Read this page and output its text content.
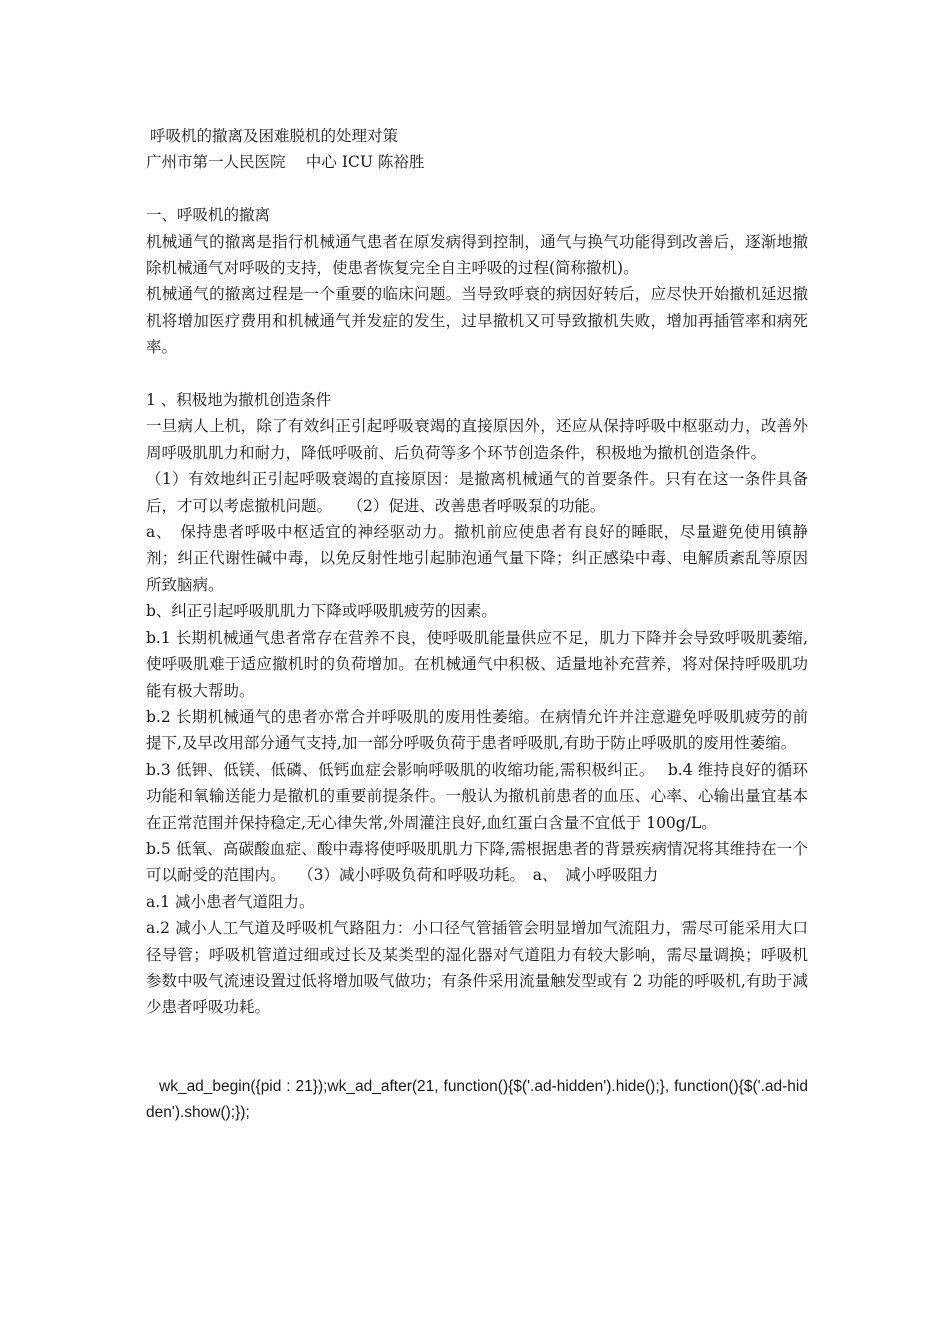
呼吸机的撤离及困难脱机的处理对策

广州市第一人民医院　 中心 ICU 陈裕胜

一、呼吸机的撤离

机械通气的撤离是指行机械通气患者在原发病得到控制，通气与换气功能得到改善后，逐渐地撤除机械通气对呼吸的支持，使患者恢复完全自主呼吸的过程(简称撤机)。

机械通气的撤离过程是一个重要的临床问题。当导致呼衰的病因好转后，应尽快开始撤机延迟撤机将增加医疗费用和机械通气并发症的发生，过早撤机又可导致撤机失败，增加再插管率和病死率。

1 、积极地为撤机创造条件

一旦病人上机，除了有效纠正引起呼吸衰竭的直接原因外，还应从保持呼吸中枢驱动力，改善外周呼吸肌肌力和耐力，降低呼吸前、后负荷等多个环节创造条件，积极地为撤机创造条件。

（1）有效地纠正引起呼吸衰竭的直接原因：是撤离机械通气的首要条件。只有在这一条件具备后，才可以考虑撤机问题。　　（2）促进、改善患者呼吸泵的功能。

a、　保持患者呼吸中枢适宜的神经驱动力。撤机前应使患者有良好的睡眠，尽量避免使用镇静剂；纠正代谢性碱中毒，以免反射性地引起肺泡通气量下降；纠正感染中毒、电解质紊乱等原因所致脑病。

b、纠正引起呼吸肌肌力下降或呼吸肌疲劳的因素。

b.1 长期机械通气患者常存在营养不良，使呼吸肌能量供应不足，肌力下降并会导致呼吸肌萎缩,使呼吸肌难于适应撤机时的负荷增加。在机械通气中积极、适量地补充营养，将对保持呼吸肌功能有极大帮助。

b.2 长期机械通气的患者亦常合并呼吸肌的废用性萎缩。在病情允许并注意避免呼吸肌疲劳的前提下,及早改用部分通气支持,加一部分呼吸负荷于患者呼吸肌,有助于防止呼吸肌的废用性萎缩。

b.3 低钾、低镁、低磷、低钙血症会影响呼吸肌的收缩功能,需积极纠正。　 b.4 维持良好的循环功能和氧输送能力是撤机的重要前提条件。一般认为撤机前患者的血压、心率、心输出量宜基本在正常范围并保持稳定,无心律失常,外周灌注良好,血红蛋白含量不宜低于 100g/L。

b.5 低氧、高碳酸血症、酸中毒将使呼吸肌肌力下降,需根据患者的背景疾病情况将其维持在一个可以耐受的范围内。　 （3）减小呼吸负荷和呼吸功耗。　a、　减小呼吸阻力

a.1 减小患者气道阻力。

a.2 减小人工气道及呼吸机气路阻力：小口径气管插管会明显增加气流阻力，需尽可能采用大口径导管；呼吸机管道过细或过长及某类型的湿化器对气道阻力有较大影响，需尽量调换；呼吸机参数中吸气流速设置过低将增加吸气做功；有条件采用流量触发型或有 2 功能的呼吸机,有助于减少患者呼吸功耗。

wk_ad_begin({pid : 21});wk_ad_after(21, function(){$('.ad-hidden').hide();}, function(){$('.ad-hidden').show();});
